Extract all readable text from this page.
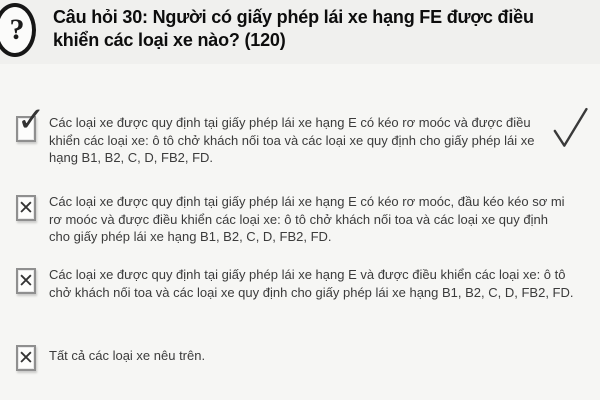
? Câu hỏi 30: Người có giấy phép lái xe hạng FE được điều khiển các loại xe nào? (120)
✓ Các loại xe được quy định tại giấy phép lái xe hạng E có kéo rơ moóc và được điều khiển các loại xe: ô tô chở khách nối toa và các loại xe quy định cho giấy phép lái xe hạng B1, B2, C, D, FB2, FD.
✕ Các loại xe được quy định tại giấy phép lái xe hạng E có kéo rơ moóc, đầu kéo kéo sơ mi rơ moóc và được điều khiển các loại xe: ô tô chở khách nối toa và các loại xe quy định cho giấy phép lái xe hạng B1, B2, C, D, FB2, FD.
✕ Các loại xe được quy định tại giấy phép lái xe hạng E và được điều khiển các loại xe: ô tô chở khách nối toa và các loại xe quy định cho giấy phép lái xe hạng B1, B2, C, D, FB2, FD.
✕ Tất cả các loại xe nêu trên.
